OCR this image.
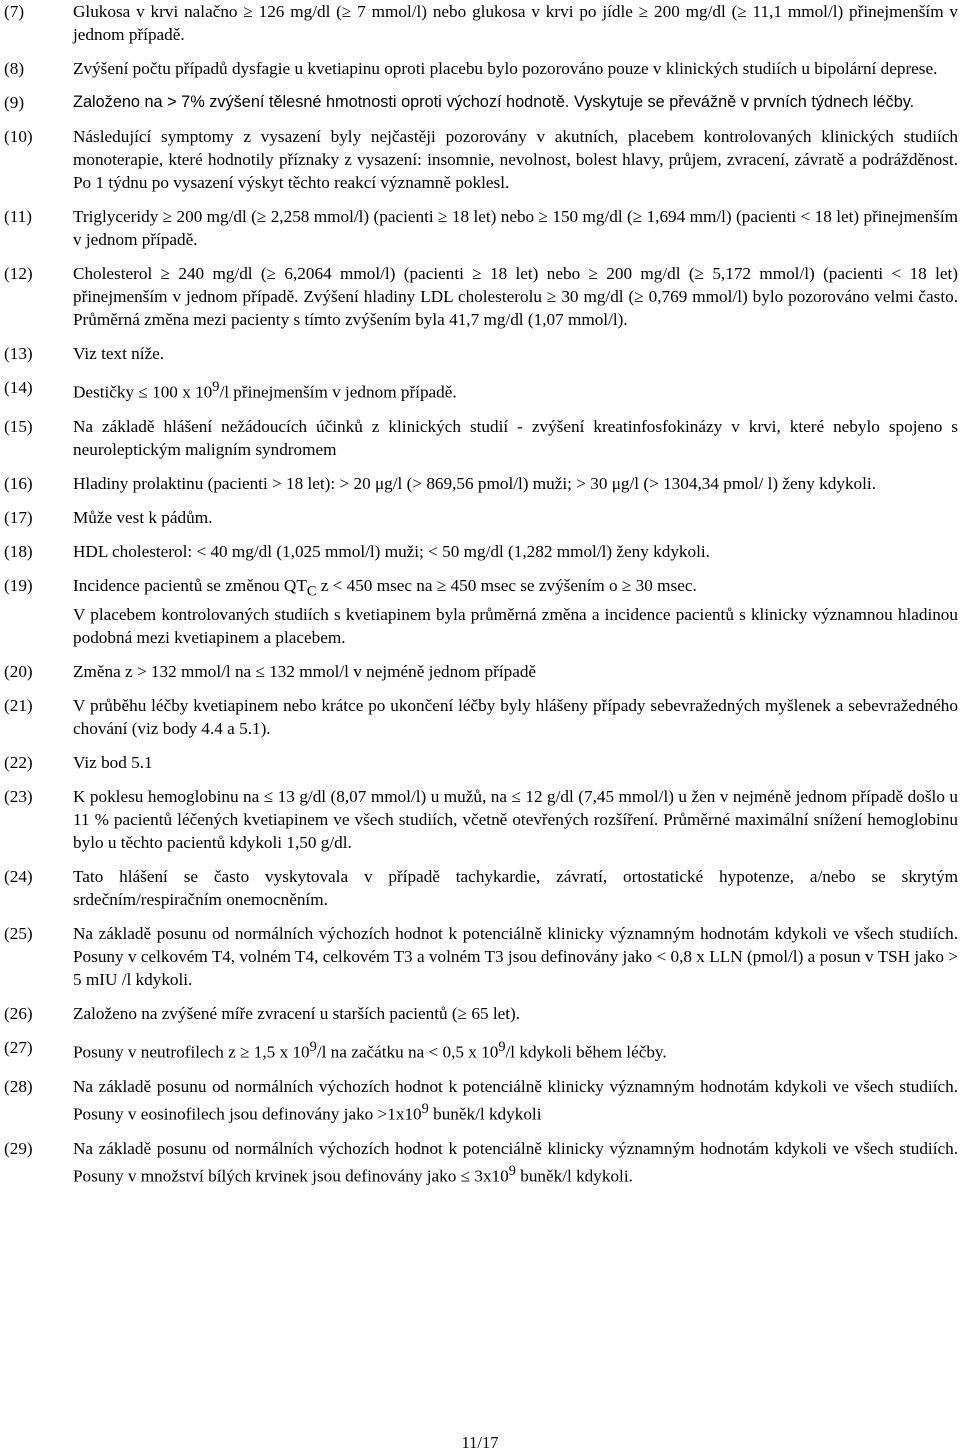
(7)	Glukosa v krvi nalačno ≥ 126 mg/dl (≥ 7 mmol/l) nebo glukosa v krvi po jídle ≥ 200 mg/dl (≥ 11,1 mmol/l) přinejmenším v jednom případě.
(8)	Zvýšení počtu případů dysfagie u kvetiapinu oproti placebu bylo pozorováno pouze v klinických studiích u bipolární deprese.
(9)	Založeno na > 7% zvýšení tělesné hmotnosti oproti výchozí hodnotě. Vyskytuje se převážně v prvních týdnech léčby.
(10)	Následující symptomy z vysazení byly nejčastěji pozorovány v akutních, placebem kontrolovaných klinických studiích monoterapie, které hodnotily příznaky z vysazení: insomnie, nevolnost, bolest hlavy, průjem, zvracení, závratě a podrážděnost. Po 1 týdnu po vysazení výskyt těchto reakcí významně poklesl.
(11)	Triglyceridy ≥ 200 mg/dl (≥ 2,258 mmol/l) (pacienti ≥ 18 let) nebo ≥ 150 mg/dl (≥ 1,694 mm/l) (pacienti < 18 let) přinejmenším v jednom případě.
(12)	Cholesterol ≥ 240 mg/dl (≥ 6,2064 mmol/l) (pacienti ≥ 18 let) nebo ≥ 200 mg/dl (≥ 5,172 mmol/l) (pacienti < 18 let) přinejmenším v jednom případě. Zvýšení hladiny LDL cholesterolu ≥ 30 mg/dl (≥ 0,769 mmol/l) bylo pozorováno velmi často. Průměrná změna mezi pacienty s tímto zvýšením byla 41,7 mg/dl (1,07 mmol/l).
(13)	Viz text níže.
(14)	Destičky ≤ 100 x $10^9/l$ přinejmenším v jednom případě.
(15)	Na základě hlášení nežádoucích účinků z klinických studií - zvýšení kreatinfosfokinázy v krvi, které nebylo spojeno s neuroleptickým maligním syndromem
(16)	Hladiny prolaktinu (pacienti > 18 let): > 20 μg/l (> 869,56 pmol/l) muži; > 30 μg/l (> 1304,34 pmol/ l) ženy kdykoli.
(17)	Může vest k pádům.
(18)	HDL cholesterol: < 40 mg/dl (1,025 mmol/l) muži; < 50 mg/dl (1,282 mmol/l) ženy kdykoli.
(19)	Incidence pacientů se změnou $QT_C$ z < 450 msec na ≥ 450 msec se zvýšením o ≥ 30 msec.

V placebem kontrolovaných studiích s kvetiapinem byla průměrná změna a incidence pacientů s klinicky významnou hladinou podobná mezi kvetiapinem a placebem.

(20)	Změna z > 132 mmol/l na ≤ 132 mmol/l v nejméně jednom případě
(21)	V průběhu léčby kvetiapinem nebo krátce po ukončení léčby byly hlášeny případy sebevražedných myšlenek a sebevražedného chování (viz body 4.4 a 5.1).
(22)	Viz bod 5.1
(23)	K poklesu hemoglobinu na ≤ 13 g/dl (8,07 mmol/l) u mužů, na ≤ 12 g/dl (7,45 mmol/l) u žen v nejméně jednom případě došlo u 11 % pacientů léčených kvetiapinem ve všech studiích, včetně otevřených rozšíření. Průměrné maximální snížení hemoglobinu bylo u těchto pacientů kdykoli 1,50 g/dl.
(24)	Tato hlášení se často vyskytovala v případě tachykardie, závratí, ortostatické hypotenze, a/nebo se skrytým srdečním/respiračním onemocněním.
(25)	Na základě posunu od normálních výchozích hodnot k potenciálně klinicky významným hodnotám kdykoli ve všech studiích. Posuny v celkovém T4, volném T4, celkovém T3 a volném T3 jsou definovány jako < 0,8 x LLN (pmol/l) a posun v TSH jako > 5 mIU /l kdykoli.
(26)	Založeno na zvýšené míře zvracení u starších pacientů (≥ 65 let).
(27)	Posuny v neutrofilech z ≥ 1,5 x $10^9/l$ na začátku na < 0,5 x $10^9/l$ kdykoli během léčby.
(28)	Na základě posunu od normálních výchozích hodnot k potenciálně klinicky významným hodnotám kdykoli ve všech studiích. Posuny v eosinofilech jsou definovány jako $>1x10^9$ buněk/l kdykoli
(29)	Na základě posunu od normálních výchozích hodnot k potenciálně klinicky významným hodnotám kdykoli ve všech studiích. Posuny v množství bílých krvinek jsou definovány jako ≤ $3x10^9$ buněk/l kdykoli.
11/17
